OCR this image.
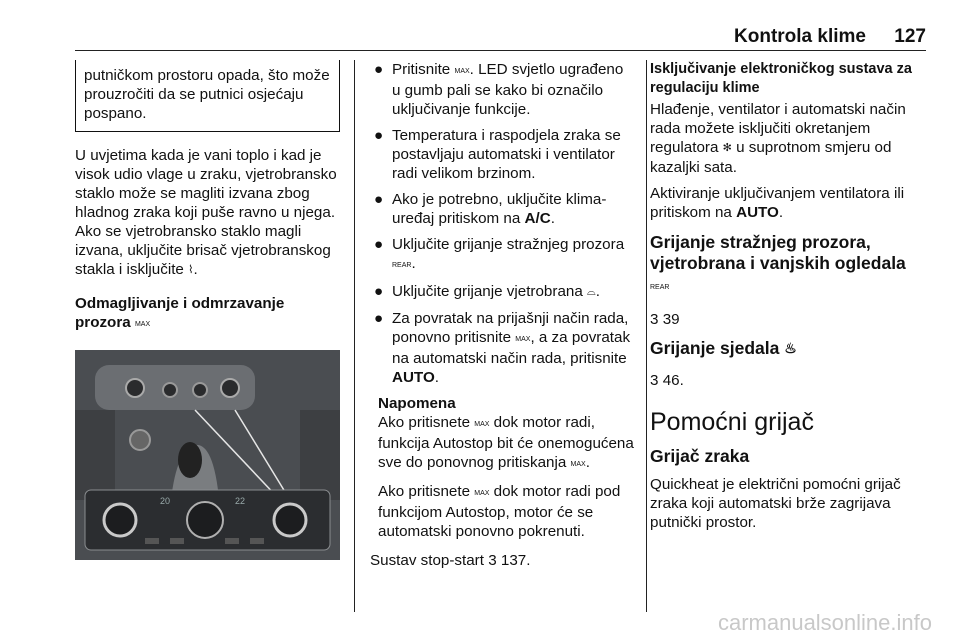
Kontrola klime 127

putničkom prostoru opada, što može prouzročiti da se putnici osjećaju pospano.

U uvjetima kada je vani toplo i kad je visok udio vlage u zraku, vjetrobransko staklo može se magliti izvana zbog hladnog zraka koji puše ravno u njega. Ako se vjetrobransko staklo magli izvana, uključite brisač vjetrobranskog stakla i isključite ⌇.

Odmagljivanje i odmrzavanje prozora MAX

20	22
● Pritisnite MAX. LED svjetlo ugrađeno u gumb pali se kako bi označilo uključivanje funkcije.
● Temperatura i raspodjela zraka se postavljaju automatski i ventilator radi velikom brzinom.
● Ako je potrebno, uključite klima-uređaj pritiskom na A/C.
● Uključite grijanje stražnjeg prozora REAR.
● Uključite grijanje vjetrobrana ⌓.
● Za povratak na prijašnji način rada, ponovno pritisnite MAX, a za povratak na automatski način rada, pritisnite AUTO.

Napomena

Ako pritisnete MAX dok motor radi, funkcija Autostop bit će onemogućena sve do ponovnog pritiskanja MAX.

Ako pritisnete MAX dok motor radi pod funkcijom Autostop, motor će se automatski ponovno pokrenuti.

Sustav stop-start 3 137.

Isključivanje elektroničkog sustava za regulaciju klime

Hlađenje, ventilator i automatski način rada možete isključiti okretanjem regulatora ✻ u suprotnom smjeru od kazaljki sata.

Aktiviranje uključivanjem ventilatora ili pritiskom na AUTO.

Grijanje stražnjeg prozora, vjetrobrana i vanjskih ogledala REAR

3 39

Grijanje sjedala ♨

3 46.

Pomoćni grijač

Grijač zraka

Quickheat je električni pomoćni grijač zraka koji automatski brže zagrijava putnički prostor.

carmanualsonline.info
